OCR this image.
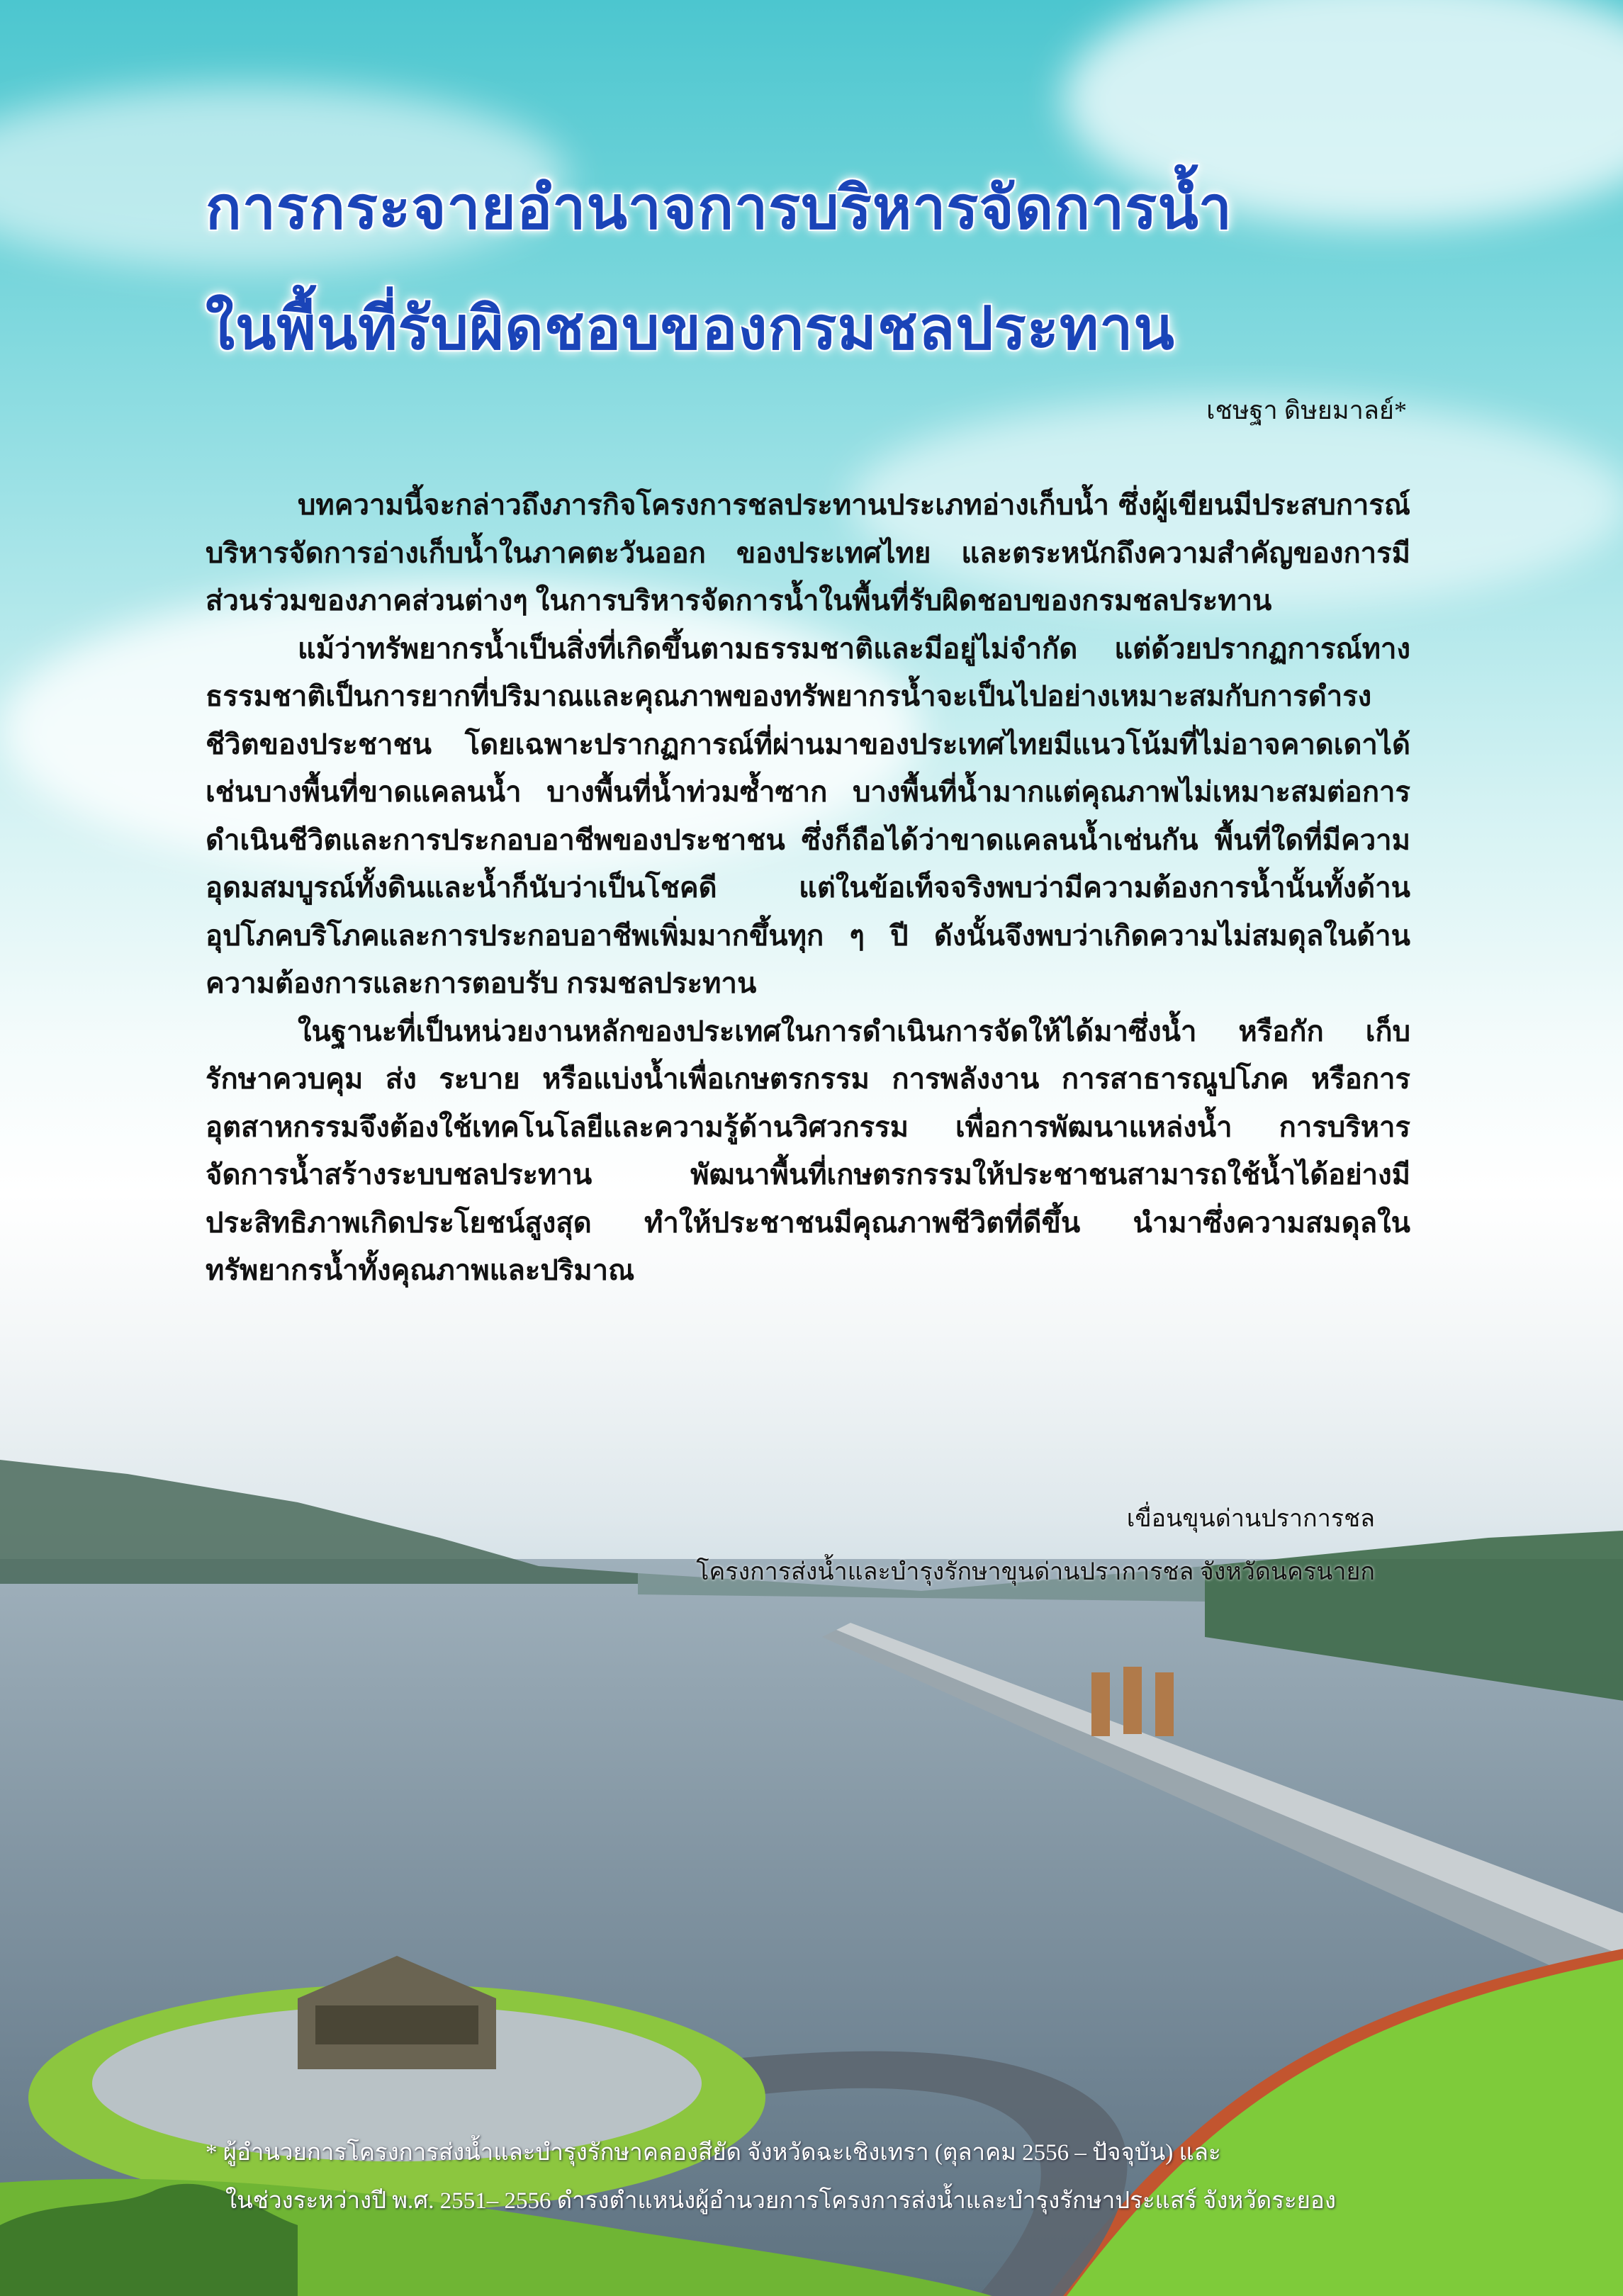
การกระจายอำนาจการบริหารจัดการน้ำ
ในพื้นที่รับผิดชอบของกรมชลประทาน

เชษฐา ดิษยมาลย์*

บทความนี้จะกล่าวถึงภารกิจโครงการชลประทานประเภทอ่างเก็บน้ำ ซึ่งผู้เขียนมีประสบการณ์บริหารจัดการอ่างเก็บน้ำในภาคตะวันออก ของประเทศไทย และตระหนักถึงความสำคัญของการมีส่วนร่วมของภาคส่วนต่างๆ ในการบริหารจัดการน้ำในพื้นที่รับผิดชอบของกรมชลประทาน

แม้ว่าทรัพยากรน้ำเป็นสิ่งที่เกิดขึ้นตามธรรมชาติและมีอยู่ไม่จำกัด แต่ด้วยปรากฏการณ์ทางธรรมชาติเป็นการยากที่ปริมาณและคุณภาพของทรัพยากรน้ำจะเป็นไปอย่างเหมาะสมกับการดำรงชีวิตของประชาชน โดยเฉพาะปรากฏการณ์ที่ผ่านมาของประเทศไทยมีแนวโน้มที่ไม่อาจคาดเดาได้ เช่นบางพื้นที่ขาดแคลนน้ำ บางพื้นที่น้ำท่วมซ้ำซาก บางพื้นที่น้ำมากแต่คุณภาพไม่เหมาะสมต่อการดำเนินชีวิตและการประกอบอาชีพของประชาชน ซึ่งก็ถือได้ว่าขาดแคลนน้ำเช่นกัน พื้นที่ใดที่มีความอุดมสมบูรณ์ทั้งดินและน้ำก็นับว่าเป็นโชคดี แต่ในข้อเท็จจริงพบว่ามีความต้องการน้ำนั้นทั้งด้านอุปโภคบริโภคและการประกอบอาชีพเพิ่มมากขึ้นทุก ๆ ปี ดังนั้นจึงพบว่าเกิดความไม่สมดุลในด้านความต้องการและการตอบรับ กรมชลประทาน

ในฐานะที่เป็นหน่วยงานหลักของประเทศในการดำเนินการจัดให้ได้มาซึ่งน้ำ หรือกัก เก็บ รักษาควบคุม ส่ง ระบาย หรือแบ่งน้ำเพื่อเกษตรกรรม การพลังงาน การสาธารณูปโภค หรือการอุตสาหกรรมจึงต้องใช้เทคโนโลยีและความรู้ด้านวิศวกรรม เพื่อการพัฒนาแหล่งน้ำ การบริหารจัดการน้ำสร้างระบบชลประทาน พัฒนาพื้นที่เกษตรกรรมให้ประชาชนสามารถใช้น้ำได้อย่างมีประสิทธิภาพเกิดประโยชน์สูงสุด ทำให้ประชาชนมีคุณภาพชีวิตที่ดีขึ้น นำมาซึ่งความสมดุลในทรัพยากรน้ำทั้งคุณภาพและปริมาณ

เขื่อนขุนด่านปราการชล

โครงการส่งน้ำและบำรุงรักษาขุนด่านปราการชล จังหวัดนครนายก

* ผู้อำนวยการโครงการส่งน้ำและบำรุงรักษาคลองสียัด จังหวัดฉะเชิงเทรา (ตุลาคม 2556 – ปัจจุบัน) และ

ในช่วงระหว่างปี พ.ศ. 2551– 2556 ดำรงตำแหน่งผู้อำนวยการโครงการส่งน้ำและบำรุงรักษาประแสร์ จังหวัดระยอง
